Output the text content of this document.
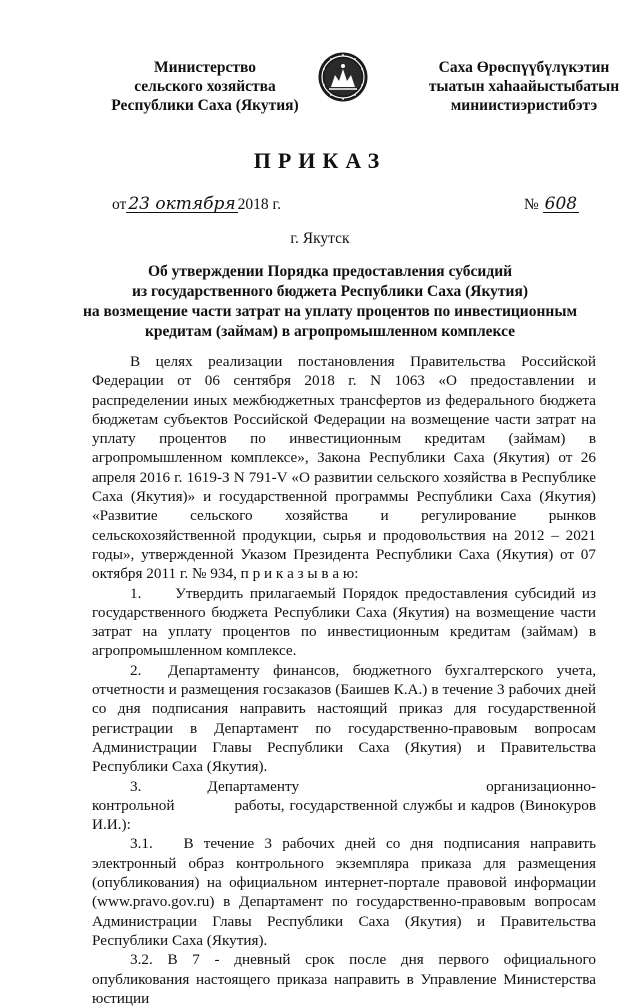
Министерство
сельского хозяйства
Республики Саха (Якутия)
Саха Өрөспүүбүлүкэтин
тыатын хаһаайыстыбатын
миниистиэристибэтэ
ПРИКАЗ
от 23 октября 2018 г.	№ 608
г. Якутск
Об утверждении Порядка предоставления субсидий
из государственного бюджета Республики Саха (Якутия)
на возмещение части затрат на уплату процентов по инвестиционным
кредитам (займам) в агропромышленном комплексе

В целях реализации постановления Правительства Российской Федерации от 06 сентября 2018 г. N 1063 «О предоставлении и распределении иных межбюджетных трансфертов из федерального бюджета бюджетам субъектов Российской Федерации на возмещение части затрат на уплату процентов по инвестиционным кредитам (займам) в агропромышленном комплексе», Закона Республики Саха (Якутия) от 26 апреля 2016 г. 1619-З N 791-V «О развитии сельского хозяйства в Республике Саха (Якутия)» и государственной программы Республики Саха (Якутия) «Развитие сельского хозяйства и регулирование рынков сельскохозяйственной продукции, сырья и продовольствия на 2012 – 2021 годы», утвержденной Указом Президента Республики Саха (Якутия) от 07 октября 2011 г. № 934, п р и к а з ы в а ю:

1.     Утвердить прилагаемый Порядок предоставления субсидий из государственного бюджета Республики Саха (Якутия) на возмещение части затрат на уплату процентов по инвестиционным кредитам (займам) в агропромышленном комплексе.

2.  Департаменту финансов, бюджетного бухгалтерского учета, отчетности и размещения госзаказов (Баишев К.А.) в течение 3 рабочих дней со дня подписания направить настоящий приказ для государственной регистрации в Департамент по государственно-правовым вопросам Администрации Главы Республики Саха (Якутия) и Правительства Республики Саха (Якутия).

3.      Департаменту                 организационно-контрольной            работы, государственной службы и кадров (Винокуров И.И.):

3.1.   В течение 3 рабочих дней со дня подписания направить электронный образ контрольного экземпляра приказа для размещения (опубликования) на официальном интернет-портале правовой информации (www.pravo.gov.ru) в Департамент по государственно-правовым вопросам Администрации Главы Республики Саха (Якутия) и Правительства Республики Саха (Якутия).

3.2. В 7 - дневный срок после дня первого официального опубликования настоящего приказа направить в Управление Министерства юстиции
